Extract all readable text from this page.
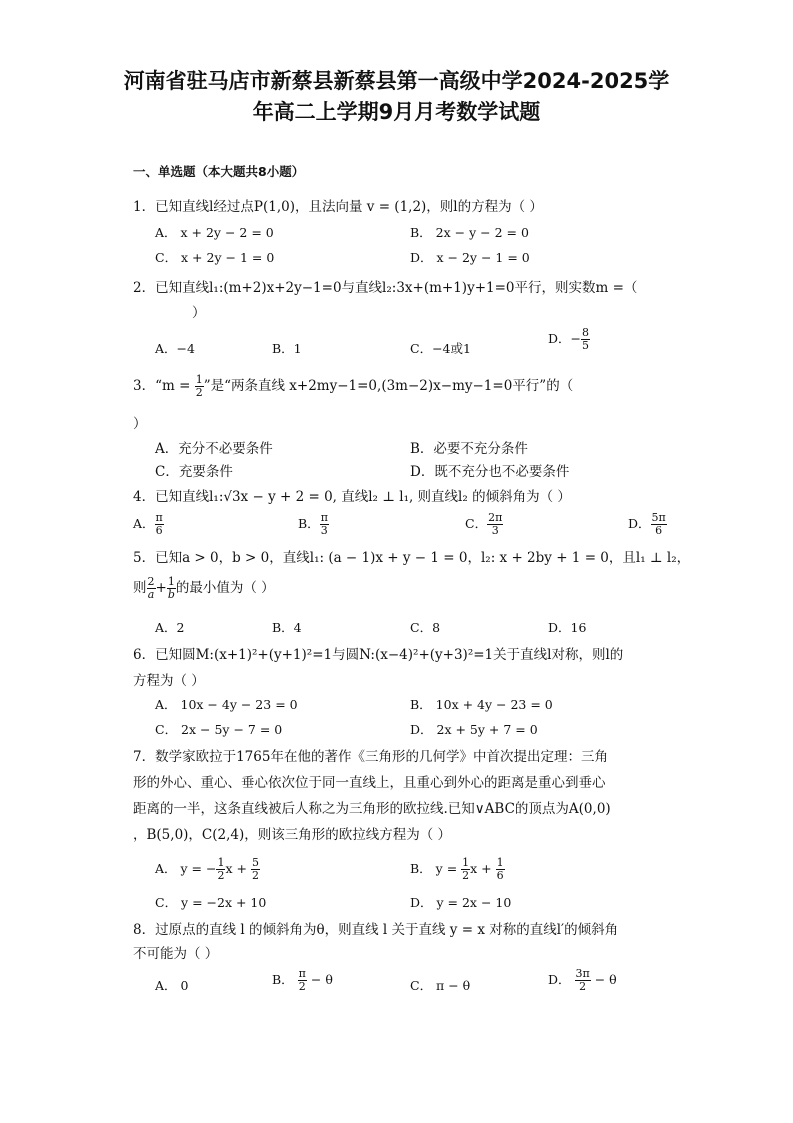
河南省驻马店市新蔡县新蔡县第一高级中学2024-2025学
年高二上学期9月月考数学试题
一、单选题（本大题共8小题）
1．已知直线l经过点P(1,0)，且法向量 v = (1,2)，则l的方程为（ ）
A． x + 2y − 2 = 0	B． 2x − y − 2 = 0
C． x + 2y − 1 = 0	D． x − 2y − 1 = 0
2．已知直线l₁:(m+2)x+2y−1=0与直线l₂:3x+(m+1)y+1=0平行，则实数m =（
）
A．−4	B．1	C．−4或1
D．− $\frac{8}{5}$
3．“$m = \frac{1}{2}$ ”是“两条直线 x+2my−1=0,(3m−2)x−my−1=0平行”的（
）
A．充分不必要条件	B．必要不充分条件
C．充要条件	D．既不充分也不必要条件
4．已知直线l₁:√3x − y + 2 = 0, 直线l₂ ⊥ l₁, 则直线l₂ 的倾斜角为（ ）
A． $\frac{\pi}{6}$	B． $\frac{\pi}{3}$	C． $\frac{2\pi}{3}$	D． $\frac{5\pi}{6}$
5．已知a > 0，b > 0，直线l₁: (a − 1)x + y − 1 = 0，l₂: x + 2by + 1 = 0，且l₁ ⊥ l₂，
则 $\frac{2}{a} + \frac{1}{b}$ 的最小值为（ ）
A．2	B．4	C．8	D．16
6．已知圆M:(x+1)²+(y+1)²=1与圆N:(x−4)²+(y+3)²=1关于直线l对称，则l的
方程为（ ）
A． 10x − 4y − 23 = 0	B． 10x + 4y − 23 = 0
C． 2x − 5y − 7 = 0	D． 2x + 5y + 7 = 0
7．数学家欧拉于1765年在他的著作《三角形的几何学》中首次提出定理：三角
形的外心、重心、垂心依次位于同一直线上，且重心到外心的距离是重心到垂心
距离的一半，这条直线被后人称之为三角形的欧拉线.已知∨ABC的顶点为A(0,0)
，B(5,0)，C(2,4)，则该三角形的欧拉线方程为（ ）
A． y = − $\frac{1}{2}$ $x + \frac{5}{2}$	B． $y = \frac{1}{2}$ $x + \frac{1}{6}$
C． y = −2x + 10	D． y = 2x − 10
8．过原点的直线 l 的倾斜角为θ，则直线 l 关于直线 y = x 对称的直线l′的倾斜角
不可能为（ ）
A． 0	B． $\frac{\pi}{2} - \theta$	C． π − θ	D． $\frac{3\pi}{2} - \theta$
